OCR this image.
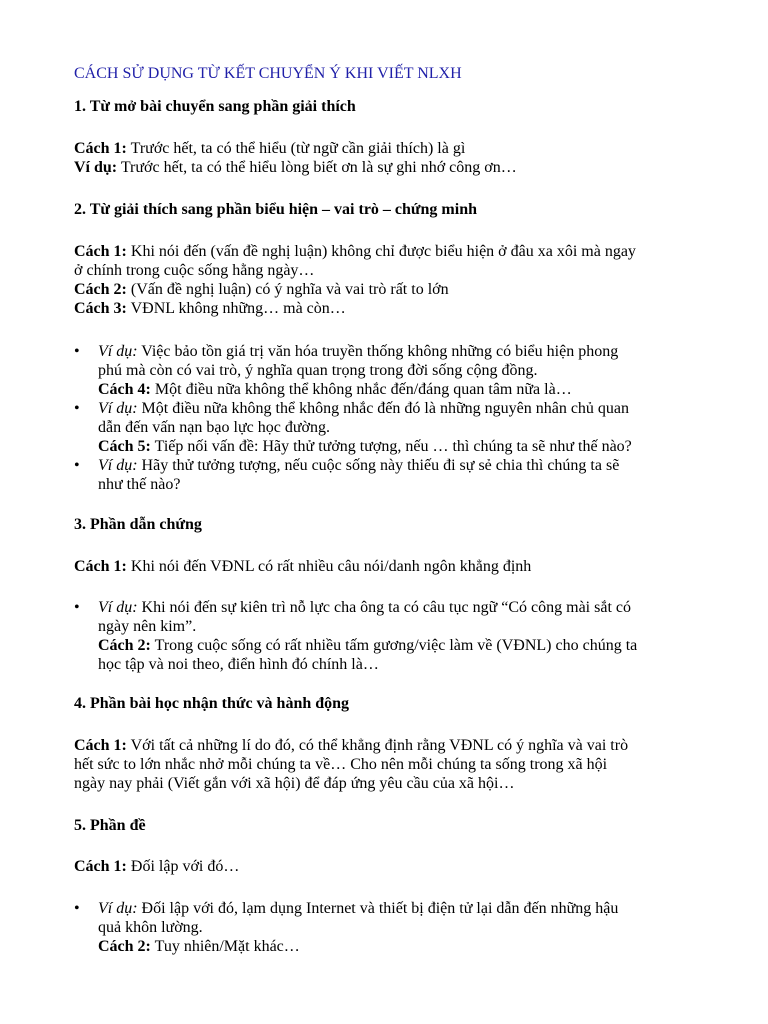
CÁCH SỬ DỤNG TỪ KẾT CHUYỂN Ý KHI VIẾT NLXH
1. Từ mở bài chuyển sang phần giải thích
Cách 1: Trước hết, ta có thể hiểu (từ ngữ cần giải thích) là gì
Ví dụ: Trước hết, ta có thể hiểu lòng biết ơn là sự ghi nhớ công ơn…
2. Từ giải thích sang phần biểu hiện – vai trò – chứng minh
Cách 1: Khi nói đến (vấn đề nghị luận) không chỉ được biểu hiện ở đâu xa xôi mà ngay
ở chính trong cuộc sống hằng ngày…
Cách 2: (Vấn đề nghị luận) có ý nghĩa và vai trò rất to lớn
Cách 3: VĐNL không những… mà còn…
• Ví dụ: Việc bảo tồn giá trị văn hóa truyền thống không những có biểu hiện phong
phú mà còn có vai trò, ý nghĩa quan trọng trong đời sống cộng đồng.
Cách 4: Một điều nữa không thể không nhắc đến/đáng quan tâm nữa là…
• Ví dụ: Một điều nữa không thể không nhắc đến đó là những nguyên nhân chủ quan
dẫn đến vấn nạn bạo lực học đường.
Cách 5: Tiếp nối vấn đề: Hãy thử tưởng tượng, nếu … thì chúng ta sẽ như thế nào?
• Ví dụ: Hãy thử tưởng tượng, nếu cuộc sống này thiếu đi sự sẻ chia thì chúng ta sẽ
như thế nào?
3. Phần dẫn chứng
Cách 1: Khi nói đến VĐNL có rất nhiều câu nói/danh ngôn khẳng định
• Ví dụ: Khi nói đến sự kiên trì nỗ lực cha ông ta có câu tục ngữ “Có công mài sắt có
ngày nên kim”.
Cách 2: Trong cuộc sống có rất nhiều tấm gương/việc làm về (VĐNL) cho chúng ta
học tập và noi theo, điển hình đó chính là…
4. Phần bài học nhận thức và hành động
Cách 1: Với tất cả những lí do đó, có thể khẳng định rằng VĐNL có ý nghĩa và vai trò
hết sức to lớn nhắc nhở mỗi chúng ta về… Cho nên mỗi chúng ta sống trong xã hội
ngày nay phải (Viết gắn với xã hội) để đáp ứng yêu cầu của xã hội…
5. Phần đề
Cách 1: Đối lập với đó…
• Ví dụ: Đối lập với đó, lạm dụng Internet và thiết bị điện tử lại dẫn đến những hậu
quả khôn lường.
Cách 2: Tuy nhiên/Mặt khác…
